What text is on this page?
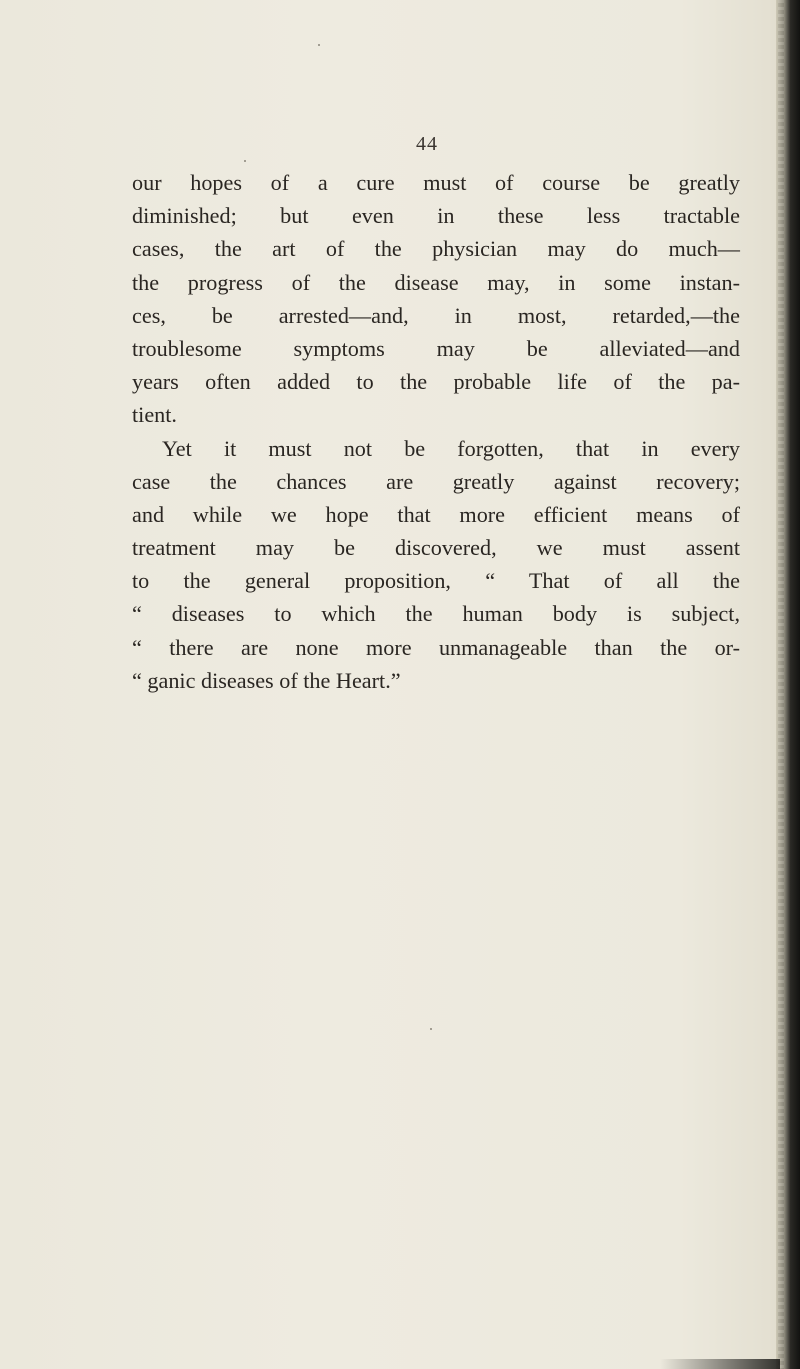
44
our hopes of a cure must of course be greatly
diminished; but even in these less tractable
cases, the art of the physician may do much—
the progress of the disease may, in some instan-
ces, be arrested—and, in most, retarded,—the
troublesome symptoms may be alleviated—and
years often added to the probable life of the pa-
tient.
Yet it must not be forgotten, that in every
case the chances are greatly against recovery;
and while we hope that more efficient means of
treatment may be discovered, we must assent
to the general proposition, “ That of all the
“ diseases to which the human body is subject,
“ there are none more unmanageable than the or-
“ ganic diseases of the Heart.”
